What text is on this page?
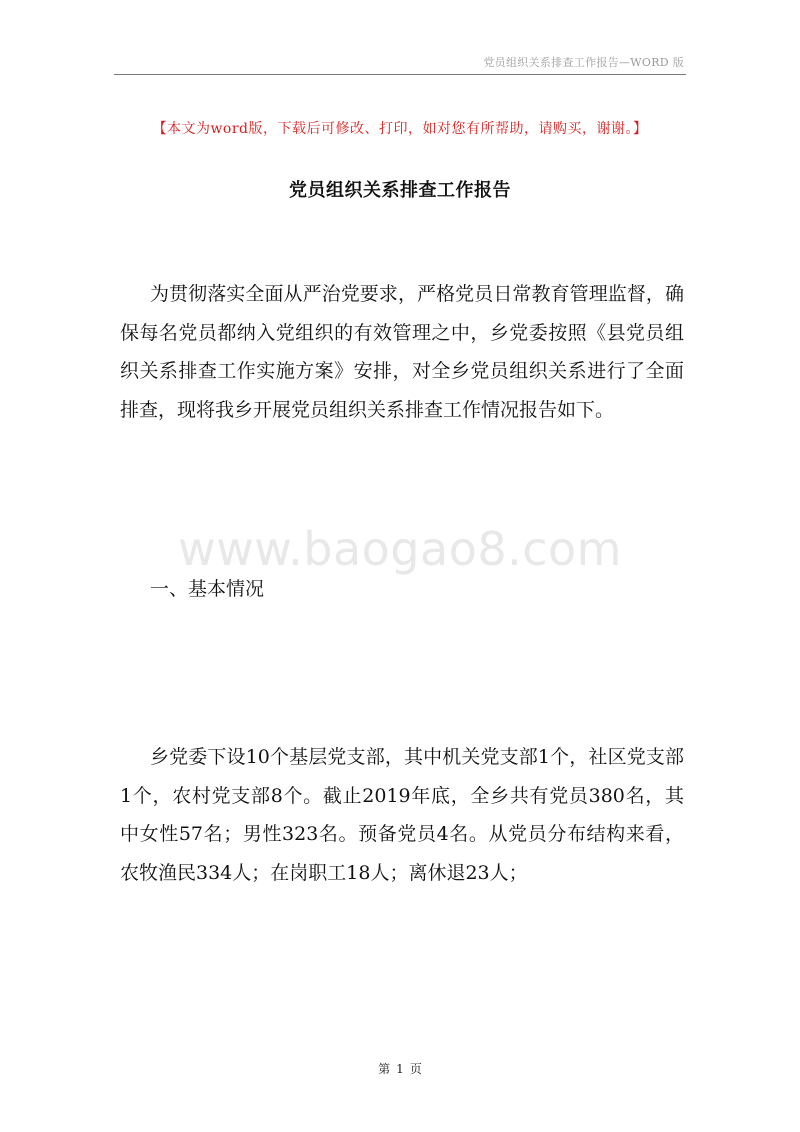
党员组织关系排查工作报告—WORD 版
【本文为word版，下载后可修改、打印，如对您有所帮助，请购买，谢谢。】
党员组织关系排查工作报告
为贯彻落实全面从严治党要求，严格党员日常教育管理监督，确保每名党员都纳入党组织的有效管理之中，乡党委按照《县党员组织关系排查工作实施方案》安排，对全乡党员组织关系进行了全面排查，现将我乡开展党员组织关系排查工作情况报告如下。
www.baogao8.com
一、基本情况
乡党委下设10个基层党支部，其中机关党支部1个，社区党支部1个，农村党支部8个。截止2019年底，全乡共有党员380名，其中女性57名；男性323名。预备党员4名。从党员分布结构来看，农牧渔民334人；在岗职工18人；离休退23人；
第 1 页
